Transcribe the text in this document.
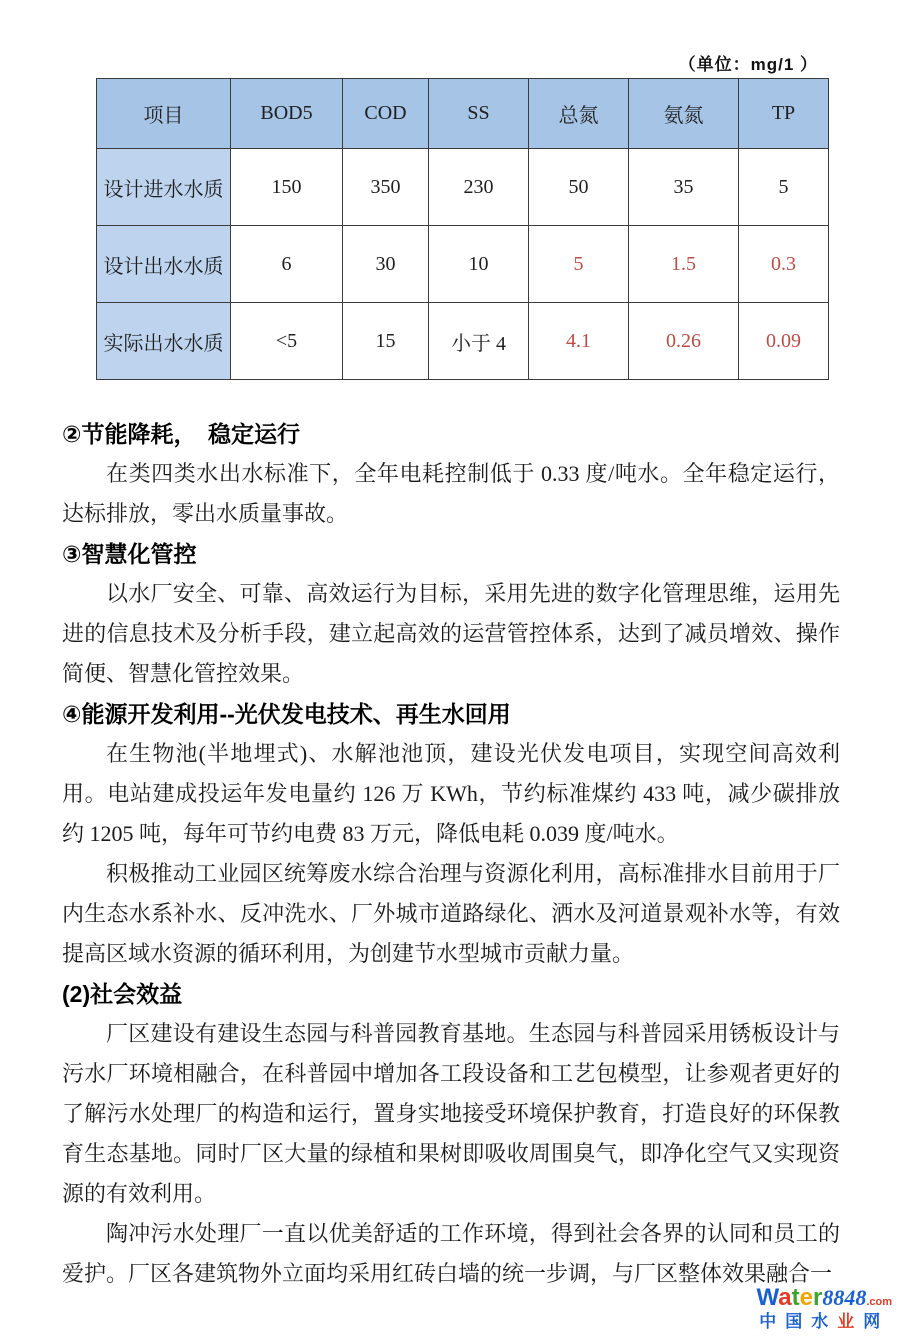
（单位：mg/1 ）
项目	BOD5	COD	SS	总氮	氨氮	TP
设计进水水质	150	350	230	50	35	5
设计出水水质	6	30	10	5	1.5	0.3
实际出水水质	<5	15	小于 4	4.1	0.26	0.09
②节能降耗，　稳定运行

在类四类水出水标准下，全年电耗控制低于 0.33 度/吨水。全年稳定运行，达标排放，零出水质量事故。

③智慧化管控

以水厂安全、可靠、高效运行为目标，采用先进的数字化管理思维，运用先进的信息技术及分析手段，建立起高效的运营管控体系，达到了减员增效、操作简便、智慧化管控效果。

④能源开发利用--光伏发电技术、再生水回用

在生物池(半地埋式)、水解池池顶，建设光伏发电项目，实现空间高效利用。电站建成投运年发电量约 126 万 KWh，节约标准煤约 433 吨，减少碳排放约 1205 吨，每年可节约电费 83 万元，降低电耗 0.039 度/吨水。

积极推动工业园区统筹废水综合治理与资源化利用，高标准排水目前用于厂内生态水系补水、反冲洗水、厂外城市道路绿化、洒水及河道景观补水等，有效提高区域水资源的循环利用，为创建节水型城市贡献力量。

(2)社会效益

厂区建设有建设生态园与科普园教育基地。生态园与科普园采用锈板设计与污水厂环境相融合，在科普园中增加各工段设备和工艺包模型，让参观者更好的了解污水处理厂的构造和运行，置身实地接受环境保护教育，打造良好的环保教育生态基地。同时厂区大量的绿植和果树即吸收周围臭气，即净化空气又实现资源的有效利用。

陶冲污水处理厂一直以优美舒适的工作环境，得到社会各界的认同和员工的爱护。厂区各建筑物外立面均采用红砖白墙的统一步调，与厂区整体效果融合一

Water8848.com
中国水业网
